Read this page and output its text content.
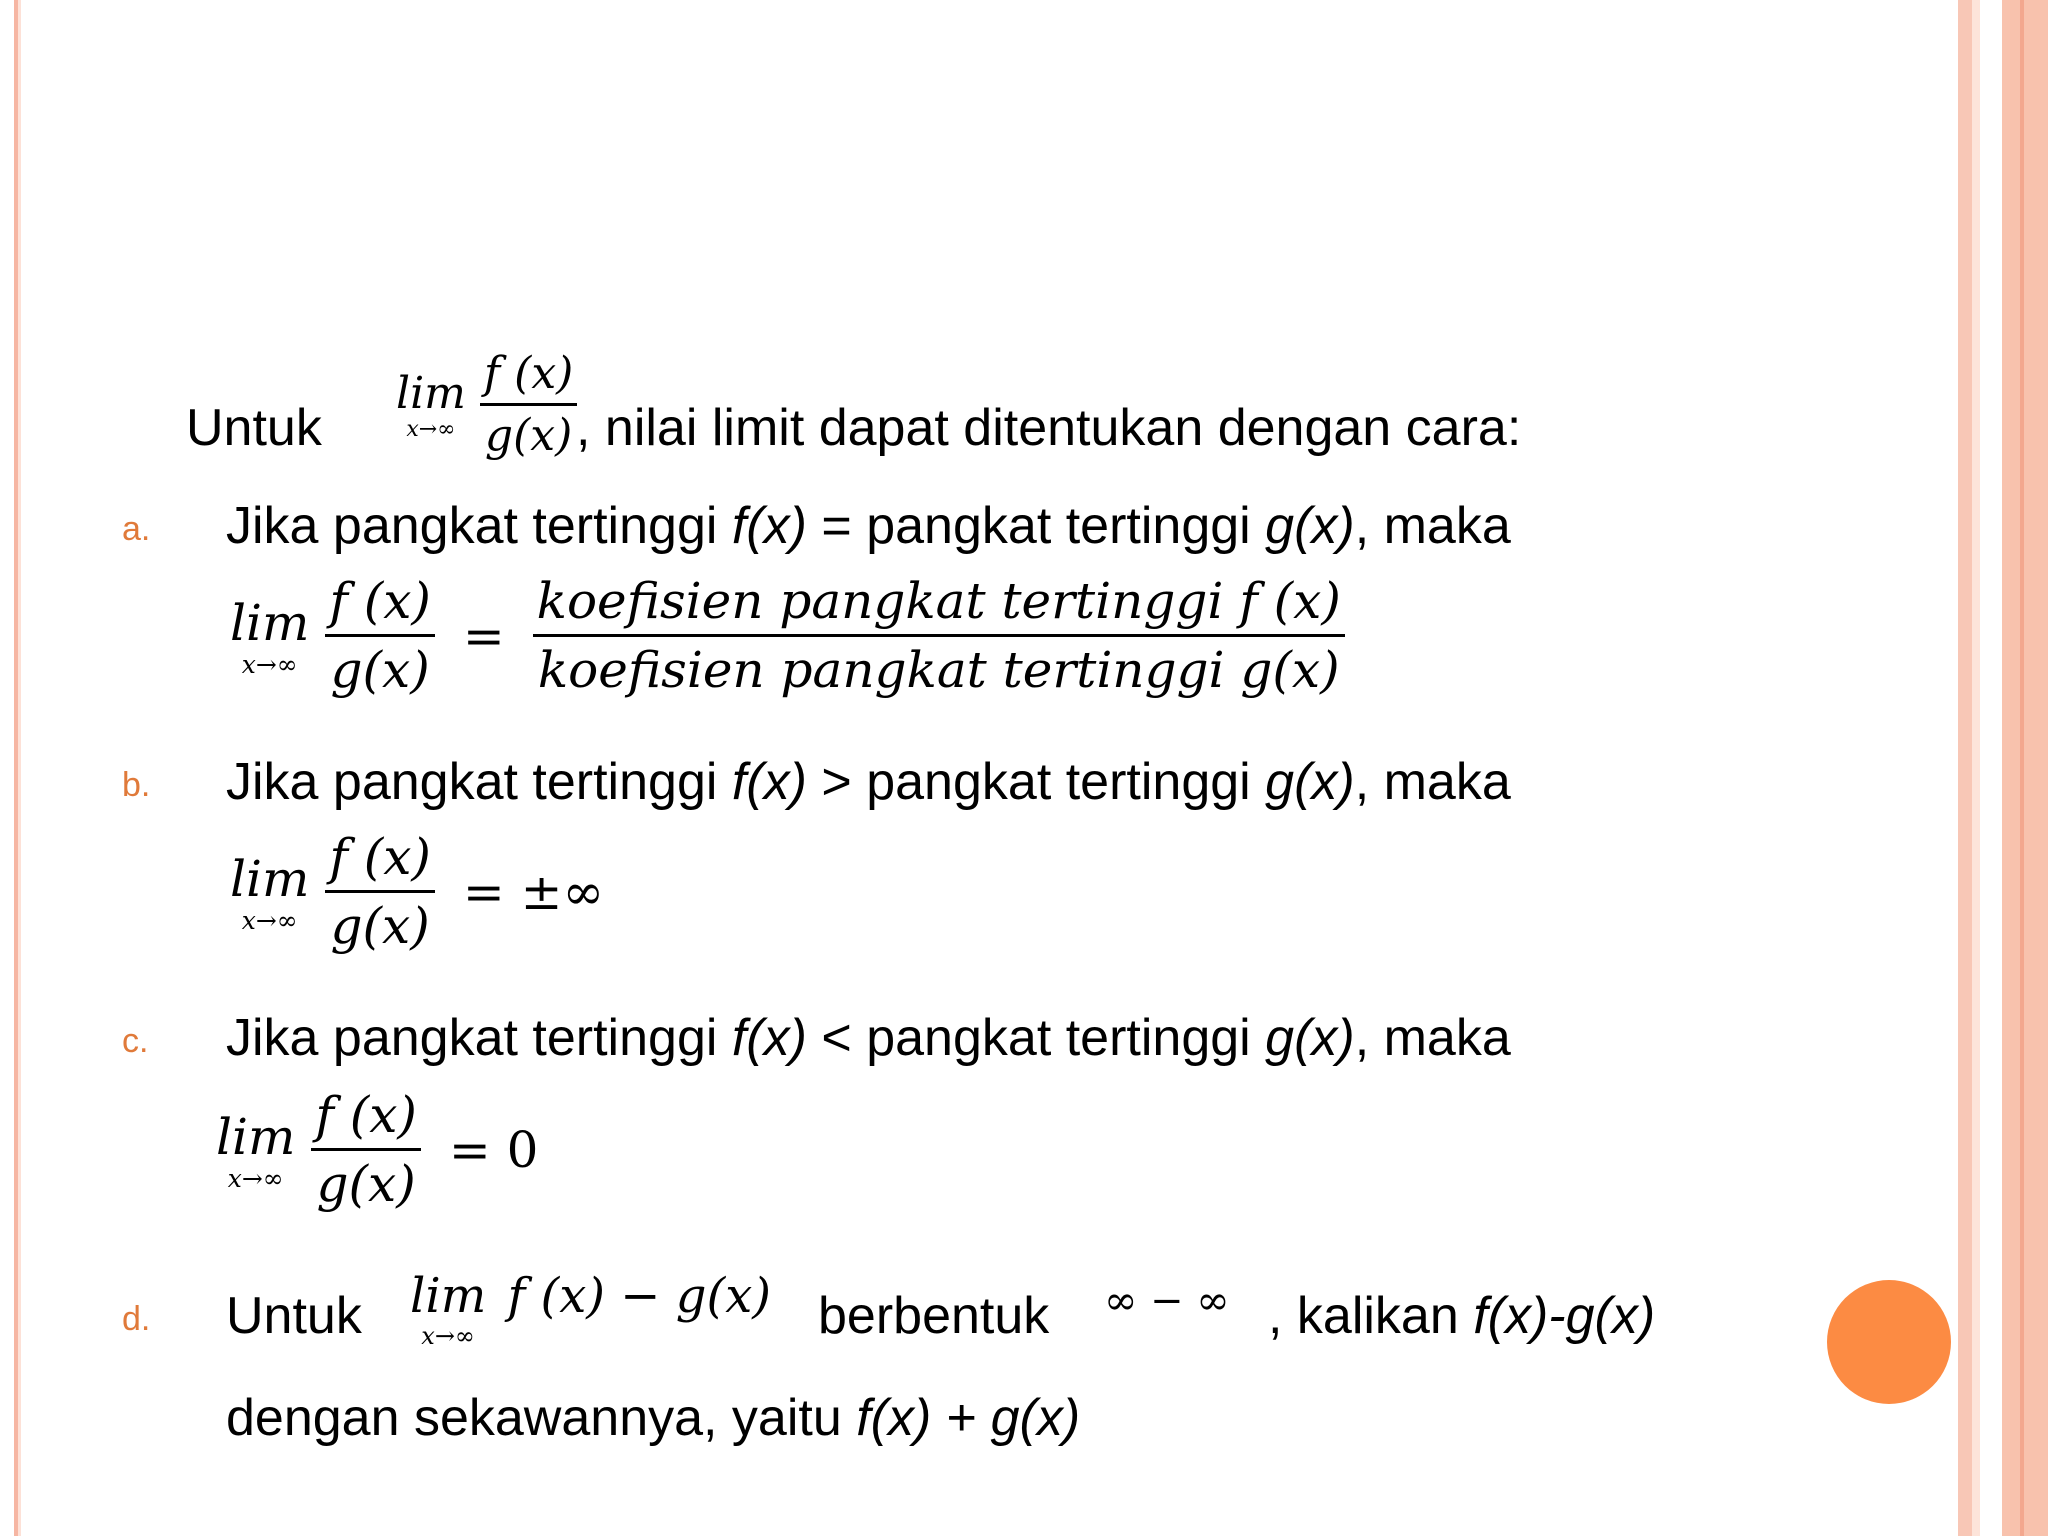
Untuk
lim
x→∞
$\frac{f (x)}{g(x)}$
, nilai limit dapat ditentukan dengan cara:
a. Jika pangkat tertinggi f(x) = pangkat tertinggi g(x), maka
lim
x→∞
$\frac{f (x)}{g(x)} = \frac{\text{koefisien pangkat tertinggi f (x)}}{\text{koefisien pangkat tertinggi g(x)}}$
b. Jika pangkat tertinggi f(x) > pangkat tertinggi g(x), maka
lim
x→∞
$\frac{f (x)}{g(x)}$ = ±∞
c. Jika pangkat tertinggi f(x) < pangkat tertinggi g(x), maka
lim
x→∞
$\frac{f (x)}{g(x)} = 0$
d. Untuk lim
x→∞
f (x) − g(x) berbentuk ∞ − ∞ , kalikan f(x)-g(x)
dengan sekawannya, yaitu f(x) + g(x)
